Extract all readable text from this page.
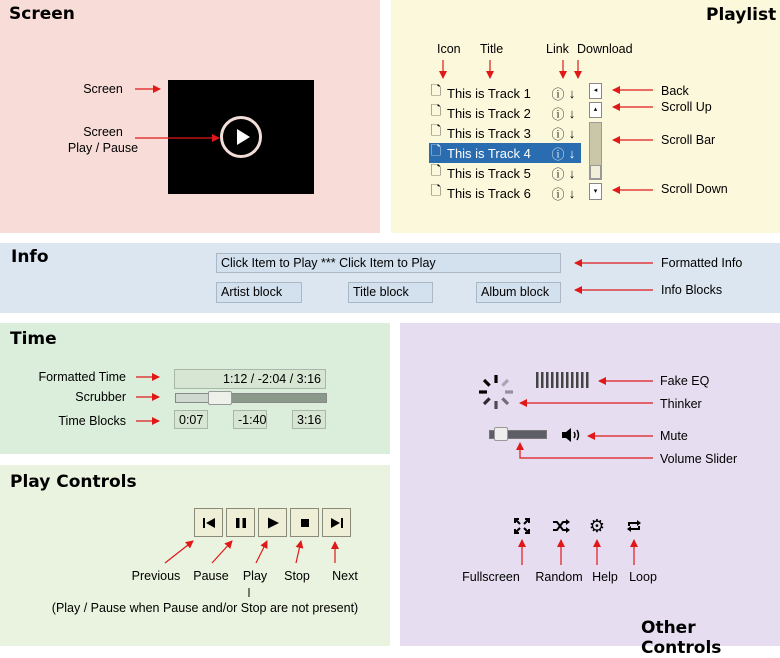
Screen
Screen
Screen
Play / Pause
Playlist
Icon Title	Link Download
🗋 This is Track 1	ⓘ ↓
🗋 This is Track 2	ⓘ ↓
🗋 This is Track 3	ⓘ ↓
🗋 This is Track 4	ⓘ ↓
🗋 This is Track 5	ⓘ ↓
🗋 This is Track 6	ⓘ ↓
◂
▴
▾
Back
Scroll Up
Scroll Bar
Scroll Down
Info	Click Item to Play *** Click Item to Play
Artist block	Title block	Album block
Formatted Info
Info Blocks
Time
Formatted Time
Scrubber
Time Blocks
1:12 / -2:04 / 3:16
0:07	-1:40	3:16
Play Controls
Previous	Pause	Play	Stop	Next
(Play / Pause when Pause and/or Stop are not present)
Other Controls
⚙
Fake EQ
Thinker
Mute
Volume Slider
Fullscreen	Random Help Loop
